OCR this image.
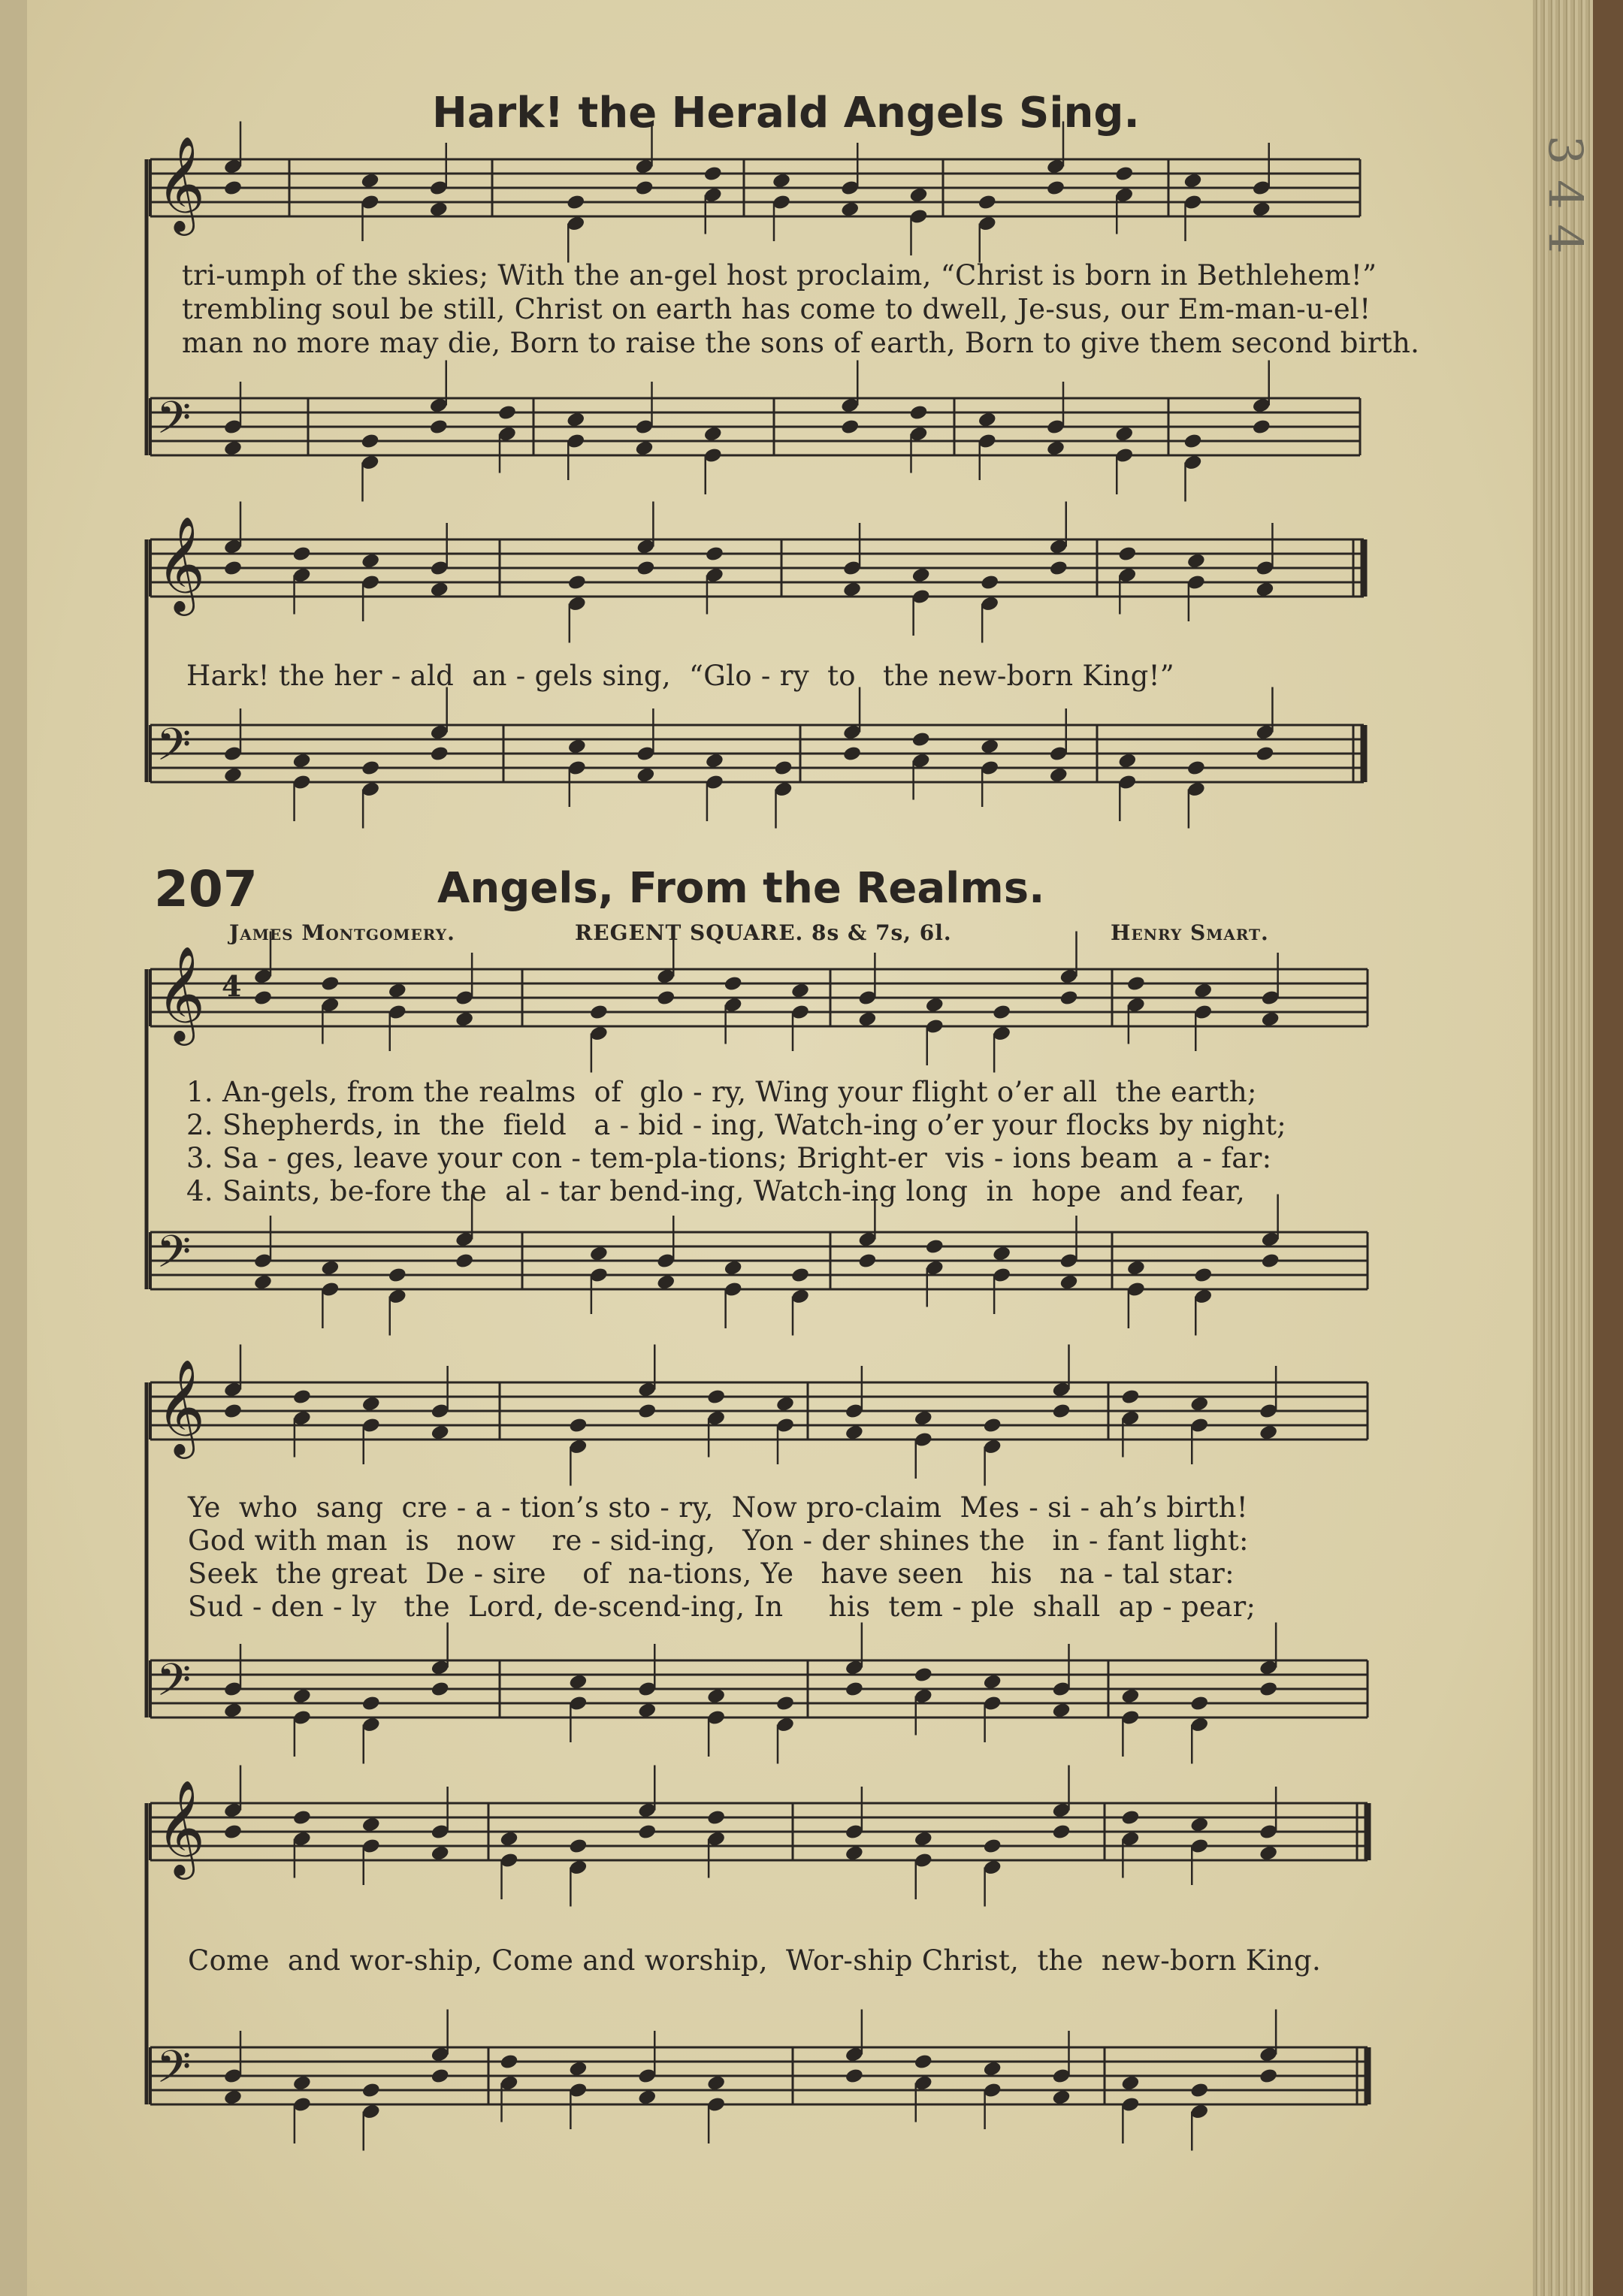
3 4 4
𝄞
𝄢
𝄞
𝄢
𝄞 4
𝄢
𝄞
𝄢
𝄞
𝄢
Hark! the Herald Angels Sing.
tri-umph of the skies; With the an-gel host proclaim, “Christ is born in Bethlehem!”
trembling soul be still, Christ on earth has come to dwell, Je-sus, our Em-man-u-el!
man no more may die, Born to raise the sons of earth, Born to give them second birth.
Hark! the her - ald  an - gels sing,  “Glo - ry  to   the new-born King!”
207	Angels, From the Realms.
James Montgomery.	REGENT SQUARE. 8s & 7s, 6l.	Henry Smart.
1. An-gels, from the realms  of  glo - ry, Wing your flight o’er all  the earth;
2. Shepherds, in  the  field   a - bid - ing, Watch-ing o’er your flocks by night;
3. Sa - ges, leave your con - tem-pla-tions; Bright-er  vis - ions beam  a - far:
4. Saints, be-fore the  al - tar bend-ing, Watch-ing long  in  hope  and fear,
Ye  who  sang  cre - a - tion’s sto - ry,  Now pro-claim  Mes - si - ah’s birth!
God with man  is   now    re - sid-ing,   Yon - der shines the   in - fant light:
Seek  the great  De - sire    of  na-tions, Ye   have seen   his   na - tal star:
Sud - den - ly   the  Lord, de-scend-ing, In     his  tem - ple  shall  ap - pear;
Come  and wor-ship, Come and worship,  Wor-ship Christ,  the  new-born King.
